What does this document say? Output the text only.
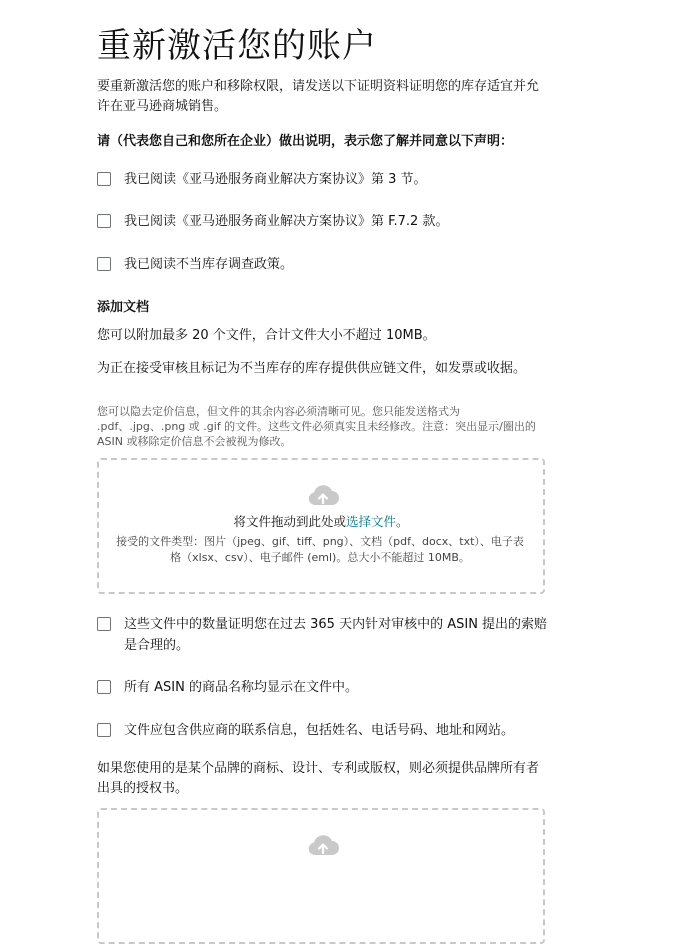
重新激活您的账户
要重新激活您的账户和移除权限，请发送以下证明资料证明您的库存适宜并允许在亚马逊商城销售。
请（代表您自己和您所在企业）做出说明，表示您了解并同意以下声明：
我已阅读《亚马逊服务商业解决方案协议》第 3 节。
我已阅读《亚马逊服务商业解决方案协议》第 F.7.2 款。
我已阅读不当库存调查政策。
添加文档
您可以附加最多 20 个文件，合计文件大小不超过 10MB。
为正在接受审核且标记为不当库存的库存提供供应链文件，如发票或收据。
您可以隐去定价信息，但文件的其余内容必须清晰可见。您只能发送格式为 .pdf、.jpg、.png 或 .gif 的文件。这些文件必须真实且未经修改。注意：突出显示/圈出的 ASIN 或移除定价信息不会被视为修改。
将文件拖动到此处或选择文件。
接受的文件类型：图片（jpeg、gif、tiff、png）、文档（pdf、docx、txt）、电子表格（xlsx、csv）、电子邮件 (eml)。总大小不能超过 10MB。
这些文件中的数量证明您在过去 365 天内针对审核中的 ASIN 提出的索赔是合理的。
所有 ASIN 的商品名称均显示在文件中。
文件应包含供应商的联系信息，包括姓名、电话号码、地址和网站。
如果您使用的是某个品牌的商标、设计、专利或版权，则必须提供品牌所有者出具的授权书。
